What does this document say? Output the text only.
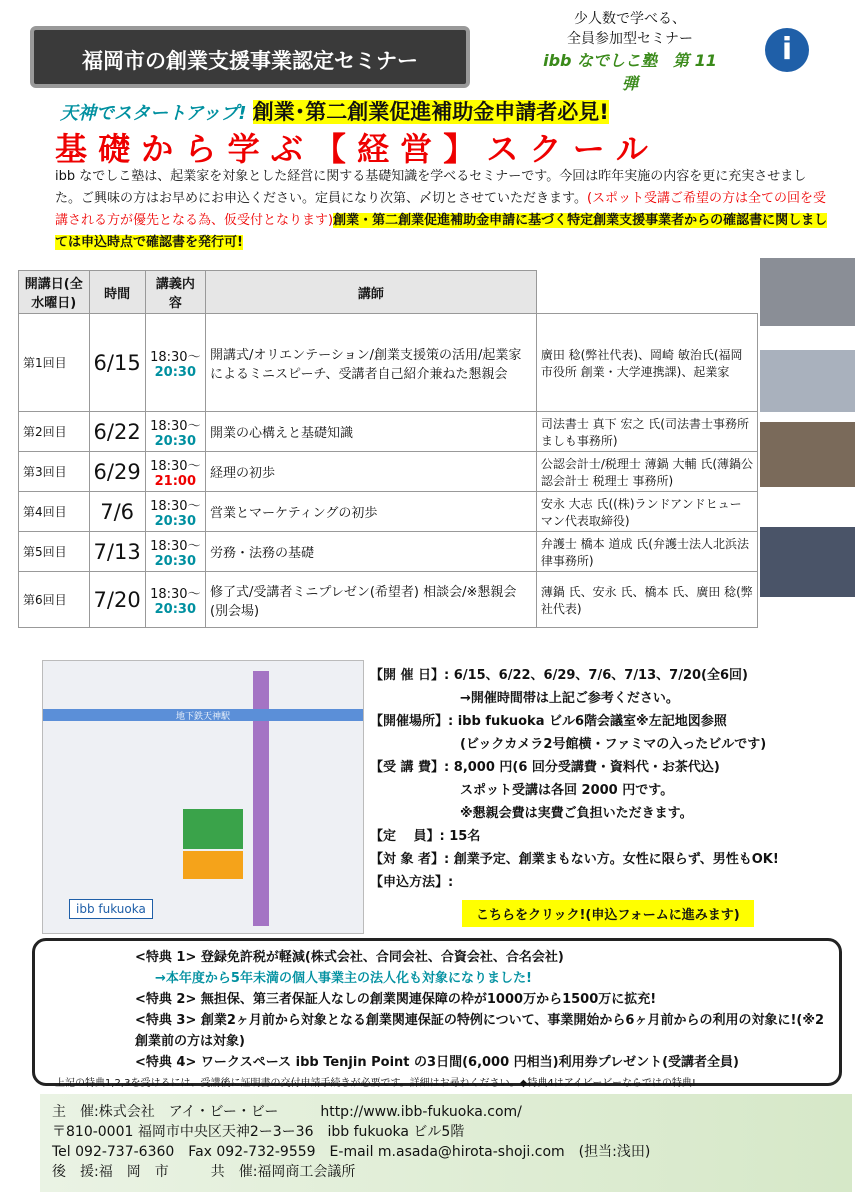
福岡市の創業支援事業認定セミナー
少人数で学べる、
全員参加型セミナー
ibb なでしこ塾　第 11 弾
i
天神でスタートアップ! 創業･第二創業促進補助金申請者必見!
基 礎 か ら 学 ぶ 【 経 営 】 ス ク ー ル
ibb なでしこ塾は、起業家を対象とした経営に関する基礎知識を学べるセミナーです。今回は昨年実施の内容を更に充実させました。ご興味の方はお早めにお申込ください。定員になり次第、〆切とさせていただきます。(スポット受講ご希望の方は全ての回を受講される方が優先となる為、仮受付となります)創業・第二創業促進補助金申請に基づく特定創業支援事業者からの確認書に関しましては申込時点で確認書を発行可!
開講日(全水曜日)	時間	講義内容	講師	
第1回目	6/15	18:30〜
20:30	開講式/オリエンテーション/創業支援策の活用/起業家によるミニスピーチ、受講者自己紹介兼ねた懇親会	廣田 稔(弊社代表)、岡崎 敏治氏(福岡市役所 創業・大学連携課)、起業家
第2回目	6/22	18:30〜
20:30	開業の心構えと基礎知識	司法書士 真下 宏之 氏(司法書士事務所ましも事務所)
第3回目	6/29	18:30〜
21:00	経理の初歩	公認会計士/税理士 薄鍋 大輔 氏(薄鍋公認会計士 税理士 事務所)
第4回目	7/6	18:30〜
20:30	営業とマーケティングの初歩	安永 大志 氏((株)ランドアンドヒューマン代表取締役)
第5回目	7/13	18:30〜
20:30	労務・法務の基礎	弁護士 橋本 道成 氏(弁護士法人北浜法律事務所)
第6回目	7/20	18:30〜
20:30	修了式/受講者ミニプレゼン(希望者) 相談会/※懇親会(別会場)	薄鍋 氏、安永 氏、橋本 氏、廣田 稔(弊社代表)
地下鉄天神駅
ibb fukuoka
【開 催 日】: 6/15、6/22、6/29、7/6、7/13、7/20(全6回)
→開催時間帯は上記ご参考ください。
【開催場所】: ibb fukuoka ビル6階会議室※左記地図参照
(ビックカメラ2号館横・ファミマの入ったビルです)
【受 講 費】: 8,000 円(6 回分受講費・資料代・お茶代込)
スポット受講は各回 2000 円です。
※懇親会費は実費ご負担いただきます。
【定　 員】: 15名
【対 象 者】: 創業予定、創業まもない方。女性に限らず、男性もOK!
【申込方法】:
こちらをクリック!(申込フォームに進みます)
<特典 1> 登録免許税が軽減(株式会社、合同会社、合資会社、合名会社)
→本年度から5年未満の個人事業主の法人化も対象になりました!
<特典 2> 無担保、第三者保証人なしの創業関連保障の枠が1000万から1500万に拡充!
<特典 3> 創業2ヶ月前から対象となる創業関連保証の特例について、事業開始から6ヶ月前からの利用の対象に!(※2 創業前の方は対象)
<特典 4> ワークスペース ibb Tenjin Point の3日間(6,000 円相当)利用券プレゼント(受講者全員)
上記の特典1,2,3を受けるには、受講後に証明書の交付申請手続きが必要です。詳細はお尋ねください。◆特典4はアイビービーならではの特典!
主　催:株式会社　アイ・ビー・ビー　　　http://www.ibb-fukuoka.com/
〒810-0001 福岡市中央区天神2ー3ー36　ibb fukuoka ビル5階
Tel 092-737-6360　Fax 092-732-9559　E-mail m.asada@hirota-shoji.com　(担当:浅田)
後　援:福　岡　市　　　共　催:福岡商工会議所
